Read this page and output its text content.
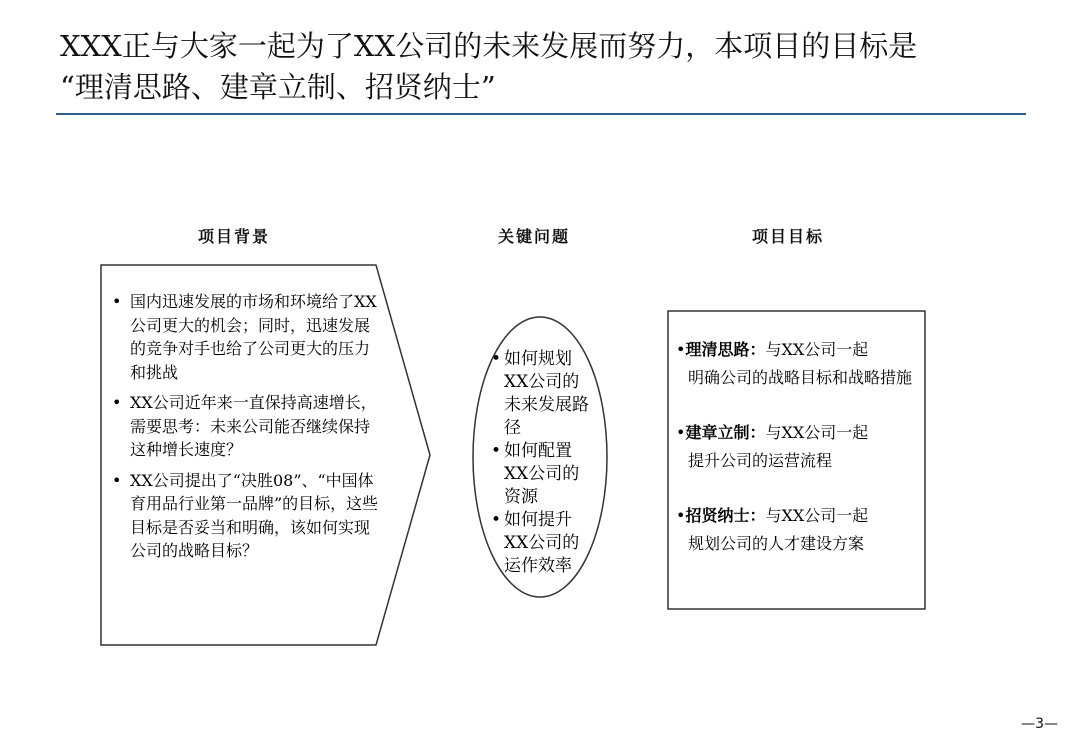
XXX正与大家一起为了XX公司的未来发展而努力，本项目的目标是
“理清思路、建章立制、招贤纳士”
项目背景	关键问题	项目目标
• 国内迅速发展的市场和环境给了XX公司更大的机会；同时，迅速发展的竞争对手也给了公司更大的压力和挑战
• XX公司近年来一直保持高速增长，需要思考：未来公司能否继续保持这种增长速度？
• XX公司提出了“决胜08”、“中国体育用品行业第一品牌”的目标，这些目标是否妥当和明确，该如何实现公司的战略目标？
• 如何规划XX公司的未来发展路径
• 如何配置XX公司的资源
• 如何提升XX公司的运作效率
•理清思路：与XX公司一起
明确公司的战略目标和战略措施
•建章立制：与XX公司一起
提升公司的运营流程
•招贤纳士：与XX公司一起
规划公司的人才建设方案
—3—
